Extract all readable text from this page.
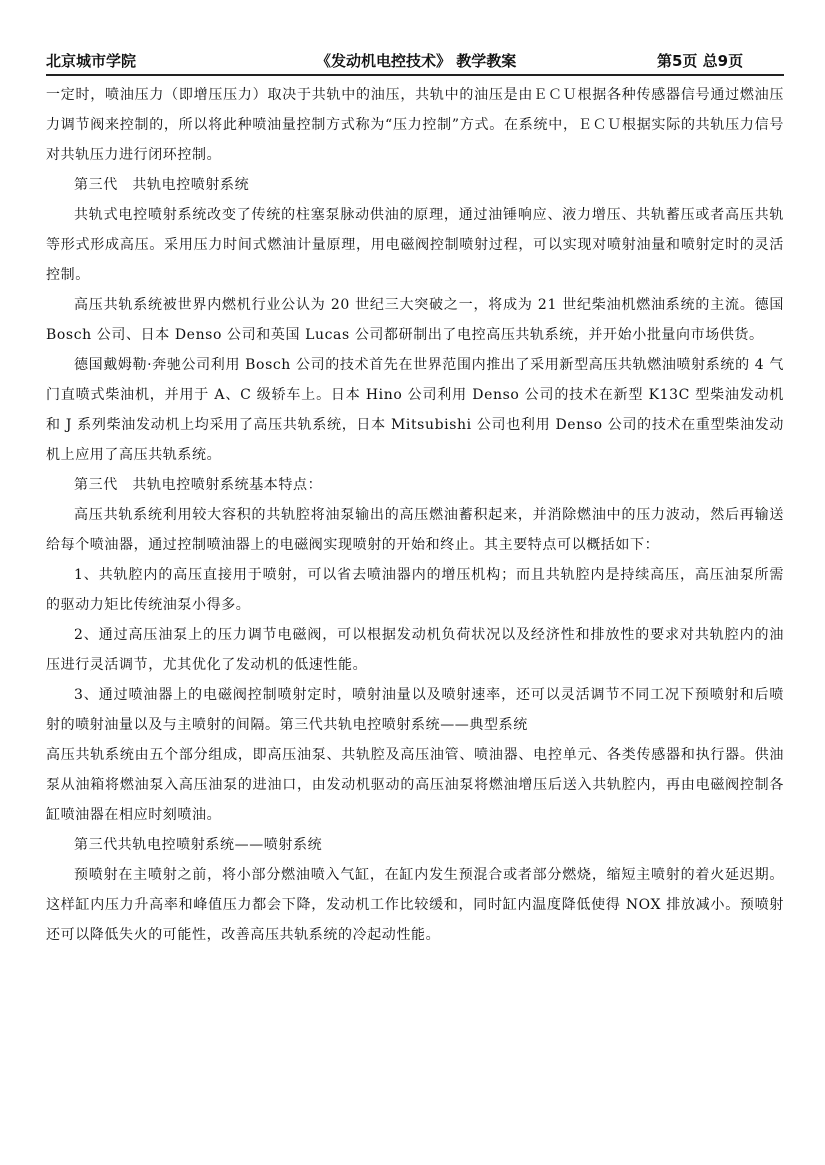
北京城市学院	《发动机电控技术》 教学教案	第5页 总9页

一定时，喷油压力（即增压压力）取决于共轨中的油压，共轨中的油压是由ＥＣＵ根据各种传感器信号通过燃油压力调节阀来控制的，所以将此种喷油量控制方式称为“压力控制”方式。在系统中，ＥＣＵ根据实际的共轨压力信号对共轨压力进行闭环控制。

第三代　共轨电控喷射系统

共轨式电控喷射系统改变了传统的柱塞泵脉动供油的原理，通过油锤响应、液力增压、共轨蓄压或者高压共轨等形式形成高压。采用压力时间式燃油计量原理，用电磁阀控制喷射过程，可以实现对喷射油量和喷射定时的灵活控制。

高压共轨系统被世界内燃机行业公认为 20 世纪三大突破之一，将成为 21 世纪柴油机燃油系统的主流。德国 Bosch 公司、日本 Denso 公司和英国 Lucas 公司都研制出了电控高压共轨系统，并开始小批量向市场供货。

德国戴姆勒·奔驰公司利用 Bosch 公司的技术首先在世界范围内推出了采用新型高压共轨燃油喷射系统的 4 气门直喷式柴油机，并用于 A、C 级轿车上。日本 Hino 公司利用 Denso 公司的技术在新型 K13C 型柴油发动机和 J 系列柴油发动机上均采用了高压共轨系统，日本 Mitsubishi 公司也利用 Denso 公司的技术在重型柴油发动机上应用了高压共轨系统。

第三代　共轨电控喷射系统基本特点：

高压共轨系统利用较大容积的共轨腔将油泵输出的高压燃油蓄积起来，并消除燃油中的压力波动，然后再输送给每个喷油器，通过控制喷油器上的电磁阀实现喷射的开始和终止。其主要特点可以概括如下：

1、共轨腔内的高压直接用于喷射，可以省去喷油器内的增压机构；而且共轨腔内是持续高压，高压油泵所需的驱动力矩比传统油泵小得多。

2、通过高压油泵上的压力调节电磁阀，可以根据发动机负荷状况以及经济性和排放性的要求对共轨腔内的油压进行灵活调节，尤其优化了发动机的低速性能。

3、通过喷油器上的电磁阀控制喷射定时，喷射油量以及喷射速率，还可以灵活调节不同工况下预喷射和后喷射的喷射油量以及与主喷射的间隔。第三代共轨电控喷射系统——典型系统

高压共轨系统由五个部分组成，即高压油泵、共轨腔及高压油管、喷油器、电控单元、各类传感器和执行器。供油泵从油箱将燃油泵入高压油泵的进油口，由发动机驱动的高压油泵将燃油增压后送入共轨腔内，再由电磁阀控制各缸喷油器在相应时刻喷油。

第三代共轨电控喷射系统——喷射系统

预喷射在主喷射之前，将小部分燃油喷入气缸，在缸内发生预混合或者部分燃烧，缩短主喷射的着火延迟期。这样缸内压力升高率和峰值压力都会下降，发动机工作比较缓和，同时缸内温度降低使得 NOX 排放减小。预喷射还可以降低失火的可能性，改善高压共轨系统的冷起动性能。
